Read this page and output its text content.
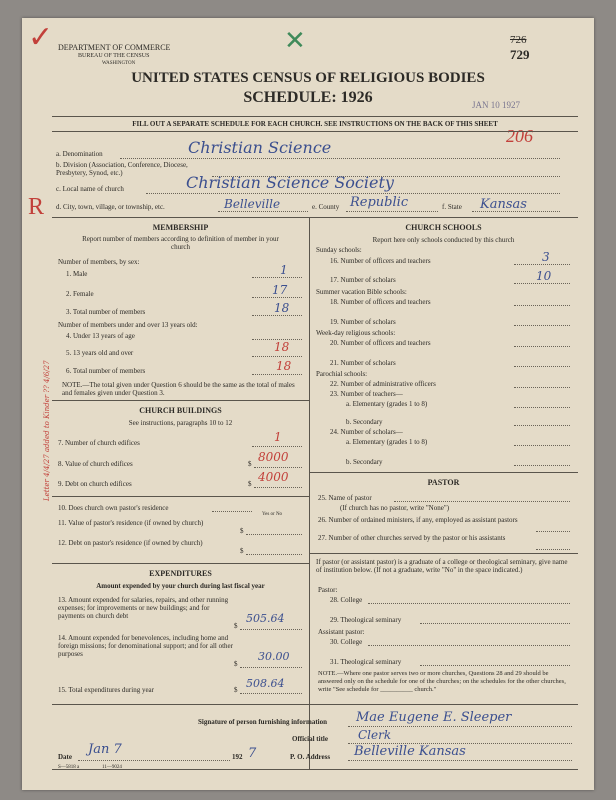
✓	✕
R
DEPARTMENT OF COMMERCE
BUREAU OF THE CENSUS
WASHINGTON
726
729
UNITED STATES CENSUS OF RELIGIOUS BODIES
SCHEDULE: 1926	JAN 10 1927
FILL OUT A SEPARATE SCHEDULE FOR EACH CHURCH. SEE INSTRUCTIONS ON THE BACK OF THIS SHEET
206
a. Denomination	Christian Science
b. Division (Association, Conference, Diocese, Presbytery, Synod, etc.)
c. Local name of church	Christian Science Society
d. City, town, village, or township, etc.	Belleville	e. County Republic	f. State Kansas
MEMBERSHIP
Report number of members according to definition of member in your church
Number of members, by sex:
1. Male	1
2. Female	17
3. Total number of members	18
Number of members under and over 13 years old:
4. Under 13 years of age
5. 13 years old and over	18
6. Total number of members	18
NOTE.—The total given under Question 6 should be the same as the total of males and females given under Question 3.
CHURCH BUILDINGS
See instructions, paragraphs 10 to 12
7. Number of church edifices	1
8. Value of church edifices	$ 8000
9. Debt on church edifices	$ 4000
10. Does church own pastor's residence
Yes or No
11. Value of pastor's residence (if owned by church)
$
12. Debt on pastor's residence (if owned by church)
$
EXPENDITURES
Amount expended by your church during last fiscal year
13. Amount expended for salaries, repairs, and other running expenses; for improvements or new buildings; and for payments on church debt
$
505.64
14. Amount expended for benevolences, including home and foreign missions; for denominational support; and for all other purposes
$
30.00
15. Total expenditures during year	$ 508.64
Letter 4/4/27 added to Kinder ?? 4/6/27
CHURCH SCHOOLS
Report here only schools conducted by this church
Sunday schools:
16. Number of officers and teachers	3
17. Number of scholars	10
Summer vacation Bible schools:
18. Number of officers and teachers
19. Number of scholars
Week-day religious schools:
20. Number of officers and teachers
21. Number of scholars
Parochial schools:
22. Number of administrative officers
23. Number of teachers—
a. Elementary (grades 1 to 8)
b. Secondary
24. Number of scholars—
a. Elementary (grades 1 to 8)
b. Secondary
PASTOR
25. Name of pastor
(If church has no pastor, write "None")
26. Number of ordained ministers, if any, employed as assistant pastors
27. Number of other churches served by the pastor or his assistants
If pastor (or assistant pastor) is a graduate of a college or theological seminary, give name of institution below. (If not a graduate, write "No" in the space indicated.)
Pastor:
28. College
29. Theological seminary
Assistant pastor:
30. College
31. Theological seminary
NOTE.—Where one pastor serves two or more churches, Questions 28 and 29 should be answered only on the schedule for one of the churches; on the schedules for the other churches, write "See schedule for __________ church."
Signature of person furnishing information Mae Eugene E. Sleeper
Official title	Clerk
Date Jan 7	192 7	P. O. Address Belleville Kansas
S—5818 a	11—9024
